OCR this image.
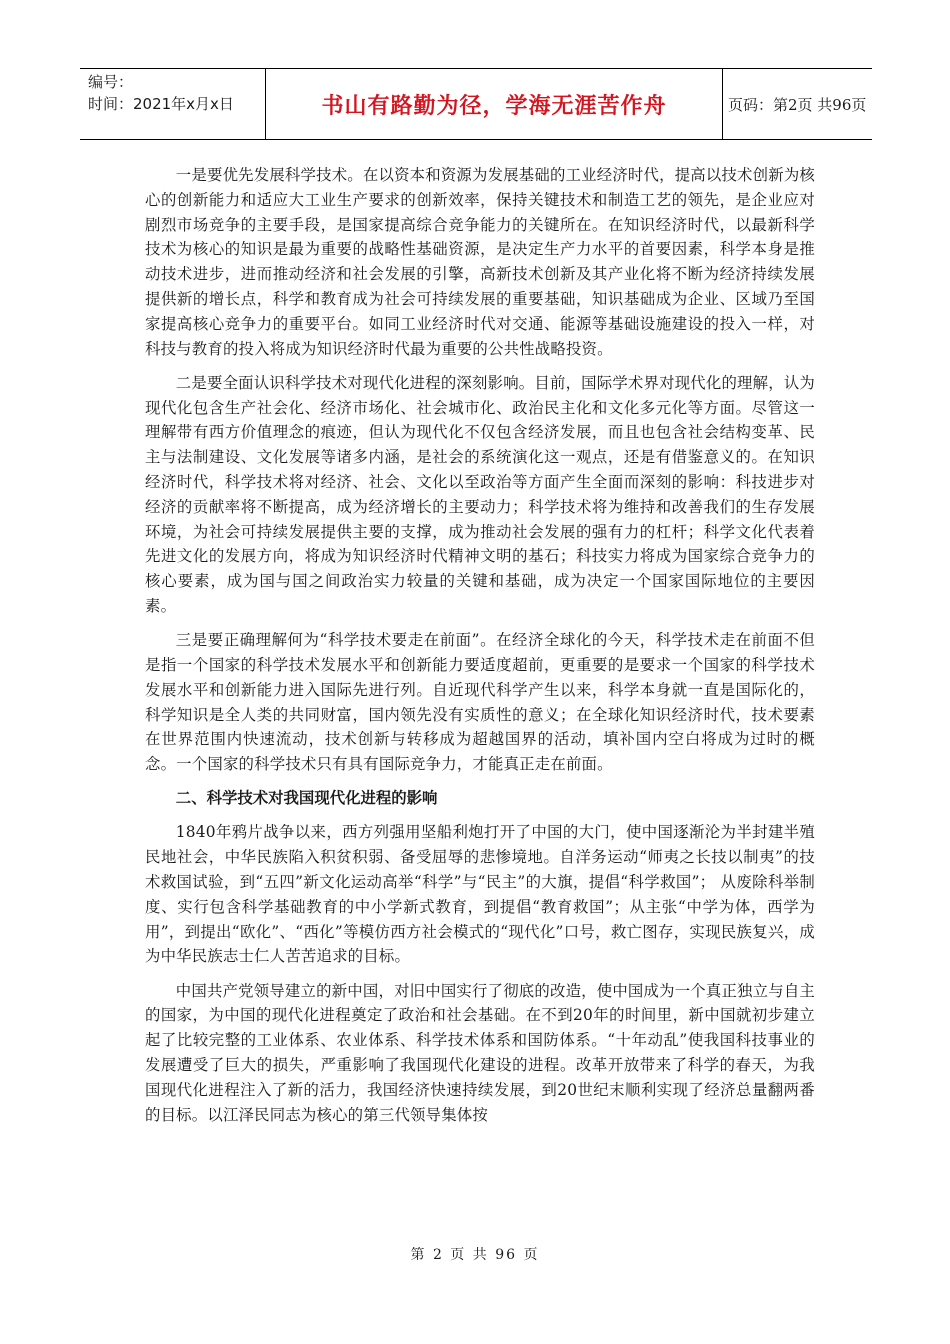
编号：
时间：2021年x月x日	书山有路勤为径，学海无涯苦作舟	页码：第2页 共96页

一是要优先发展科学技术。在以资本和资源为发展基础的工业经济时代，提高以技术创新为核心的创新能力和适应大工业生产要求的创新效率，保持关键技术和制造工艺的领先，是企业应对剧烈市场竞争的主要手段，是国家提高综合竞争能力的关键所在。在知识经济时代，以最新科学技术为核心的知识是最为重要的战略性基础资源，是决定生产力水平的首要因素，科学本身是推动技术进步，进而推动经济和社会发展的引擎，高新技术创新及其产业化将不断为经济持续发展提供新的增长点，科学和教育成为社会可持续发展的重要基础，知识基础成为企业、区域乃至国家提高核心竞争力的重要平台。如同工业经济时代对交通、能源等基础设施建设的投入一样，对科技与教育的投入将成为知识经济时代最为重要的公共性战略投资。

二是要全面认识科学技术对现代化进程的深刻影响。目前，国际学术界对现代化的理解，认为现代化包含生产社会化、经济市场化、社会城市化、政治民主化和文化多元化等方面。尽管这一理解带有西方价值理念的痕迹，但认为现代化不仅包含经济发展，而且也包含社会结构变革、民主与法制建设、文化发展等诸多内涵，是社会的系统演化这一观点，还是有借鉴意义的。在知识经济时代，科学技术将对经济、社会、文化以至政治等方面产生全面而深刻的影响：科技进步对经济的贡献率将不断提高，成为经济增长的主要动力；科学技术将为维持和改善我们的生存发展环境，为社会可持续发展提供主要的支撑，成为推动社会发展的强有力的杠杆；科学文化代表着先进文化的发展方向，将成为知识经济时代精神文明的基石；科技实力将成为国家综合竞争力的核心要素，成为国与国之间政治实力较量的关键和基础，成为决定一个国家国际地位的主要因素。

三是要正确理解何为“科学技术要走在前面”。在经济全球化的今天，科学技术走在前面不但是指一个国家的科学技术发展水平和创新能力要适度超前，更重要的是要求一个国家的科学技术发展水平和创新能力进入国际先进行列。自近现代科学产生以来，科学本身就一直是国际化的，科学知识是全人类的共同财富，国内领先没有实质性的意义；在全球化知识经济时代，技术要素在世界范围内快速流动，技术创新与转移成为超越国界的活动，填补国内空白将成为过时的概念。一个国家的科学技术只有具有国际竞争力，才能真正走在前面。

二、科学技术对我国现代化进程的影响

1840年鸦片战争以来，西方列强用坚船利炮打开了中国的大门，使中国逐渐沦为半封建半殖民地社会，中华民族陷入积贫积弱、备受屈辱的悲惨境地。自洋务运动“师夷之长技以制夷”的技术救国试验，到“五四”新文化运动高举“科学”与“民主”的大旗，提倡“科学救国”； 从废除科举制度、实行包含科学基础教育的中小学新式教育，到提倡“教育救国”；从主张“中学为体，西学为用”，到提出“欧化”、“西化”等模仿西方社会模式的“现代化”口号，救亡图存，实现民族复兴，成为中华民族志士仁人苦苦追求的目标。

中国共产党领导建立的新中国，对旧中国实行了彻底的改造，使中国成为一个真正独立与自主的国家，为中国的现代化进程奠定了政治和社会基础。在不到20年的时间里，新中国就初步建立起了比较完整的工业体系、农业体系、科学技术体系和国防体系。“十年动乱”使我国科技事业的发展遭受了巨大的损失，严重影响了我国现代化建设的进程。改革开放带来了科学的春天，为我国现代化进程注入了新的活力，我国经济快速持续发展，到20世纪末顺利实现了经济总量翻两番的目标。以江泽民同志为核心的第三代领导集体按

第 2 页 共 96 页
